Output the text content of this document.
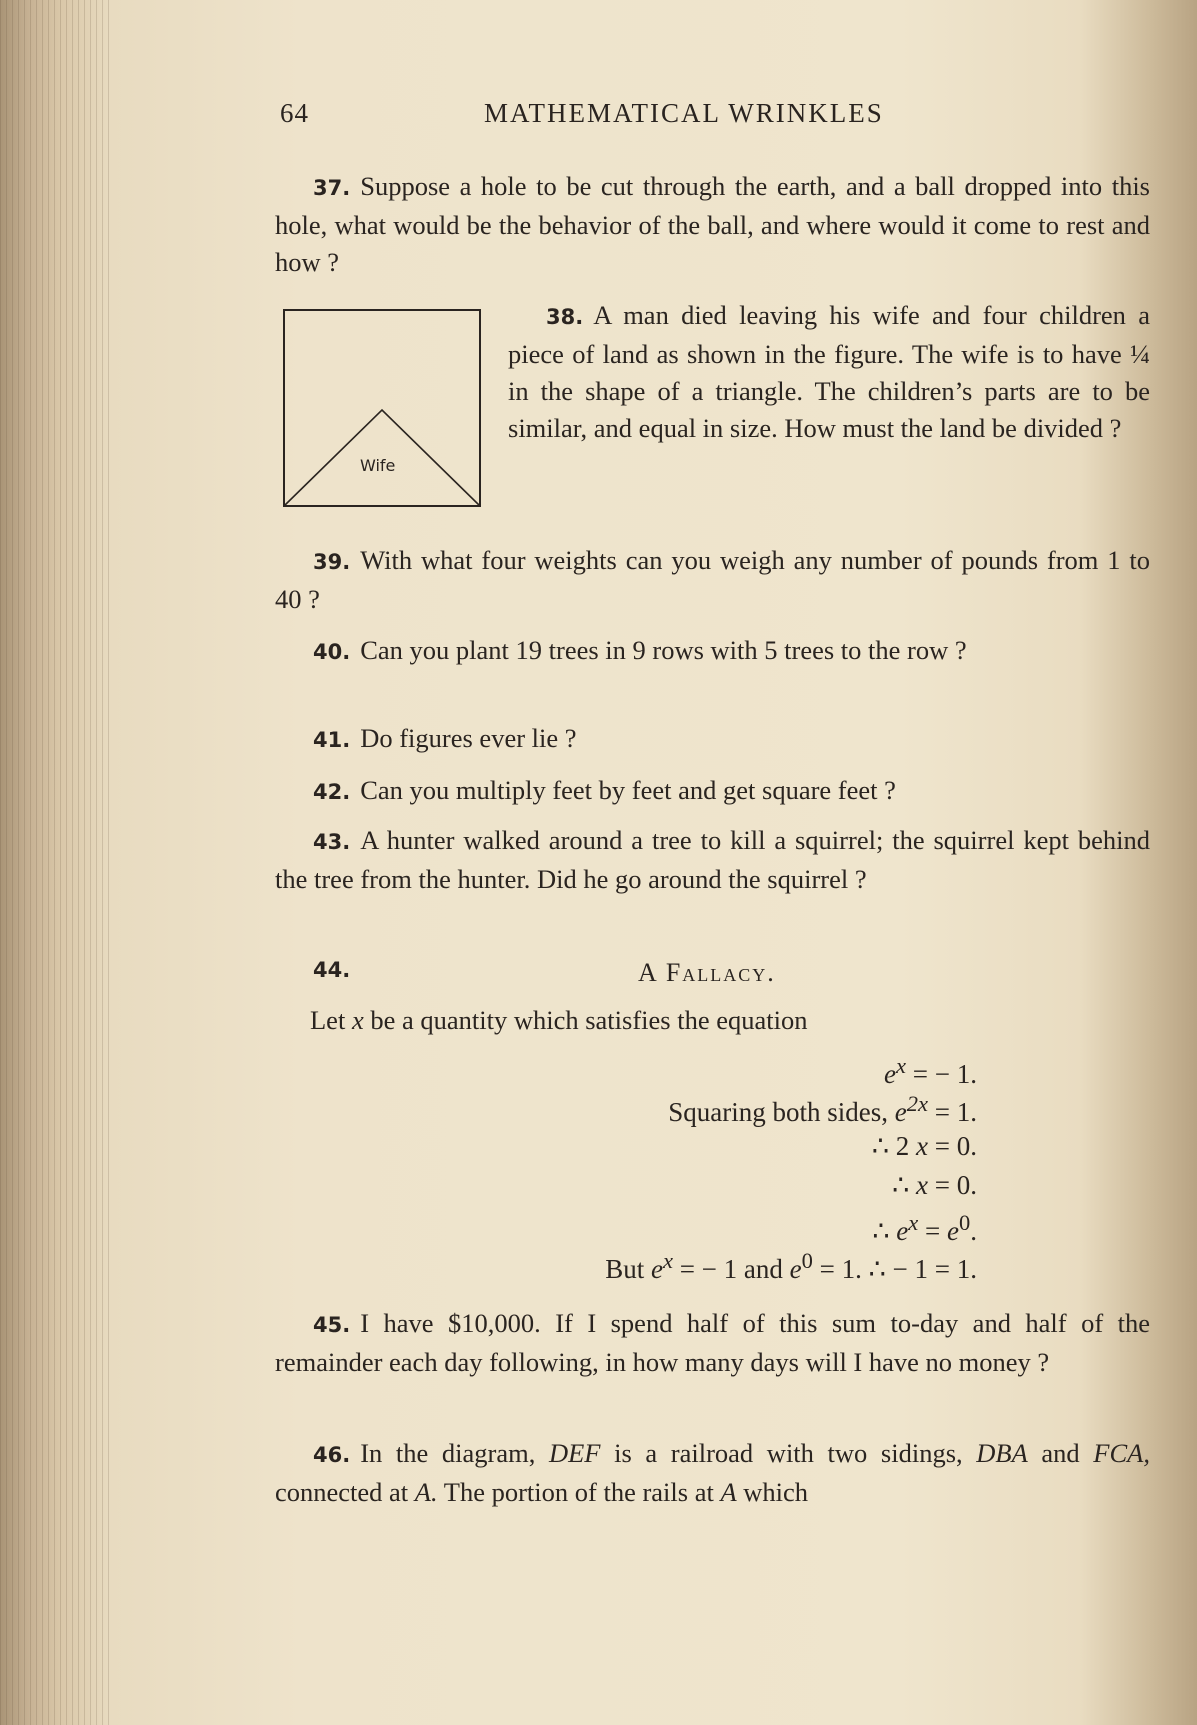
64	MATHEMATICAL WRINKLES

37. Suppose a hole to be cut through the earth, and a ball dropped into this hole, what would be the behavior of the ball, and where would it come to rest and how ?

Wife

38. A man died leaving his wife and four children a piece of land as shown in the figure. The wife is to have ¼ in the shape of a triangle. The children’s parts are to be similar, and equal in size. How must the land be divided ?

39. With what four weights can you weigh any number of pounds from 1 to 40 ?

40. Can you plant 19 trees in 9 rows with 5 trees to the row ?

41. Do figures ever lie ?

42. Can you multiply feet by feet and get square feet ?

43. A hunter walked around a tree to kill a squirrel; the squirrel kept behind the tree from the hunter. Did he go around the squirrel ?

44.	A Fallacy.
Let x be a quantity which satisfies the equation
$e^x$ = − 1.
Squaring both sides, $e^{2x} = 1$.
∴ 2 x = 0.
∴ x = 0.
∴ $e^x = e^0$.
But $e^x$ = − 1 and $e^0 = 1$. ∴ − 1 = 1.

45. I have $10,000. If I spend half of this sum to-day and half of the remainder each day following, in how many days will I have no money ?

46. In the diagram, DEF is a railroad with two sidings, DBA and FCA, connected at A. The portion of the rails at A which
